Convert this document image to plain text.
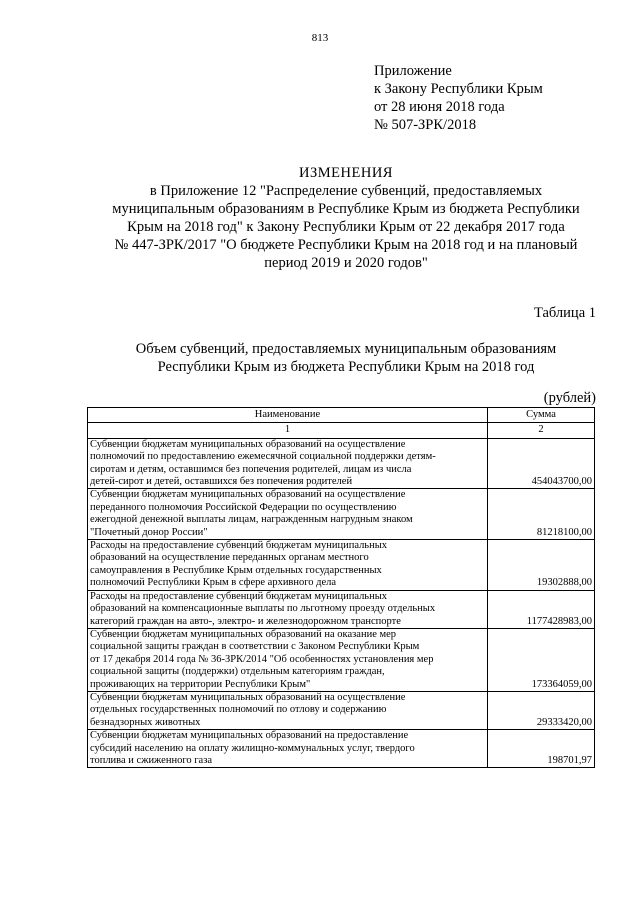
813
Приложение
к Закону Республики Крым
от 28 июня 2018 года
№ 507-ЗРК/2018
ИЗМЕНЕНИЯ
в Приложение 12 "Распределение субвенций, предоставляемых
муниципальным образованиям в Республике Крым из бюджета Республики
Крым на 2018 год" к Закону Республики Крым от 22 декабря 2017 года
№ 447-ЗРК/2017 "О бюджете Республики Крым на 2018 год и на плановый
период 2019 и 2020 годов"
Таблица 1
Объем субвенций, предоставляемых муниципальным образованиям
Республики Крым из бюджета Республики Крым на 2018 год
(рублей)
Наименование	Сумма
1	2

Субвенции бюджетам муниципальных образований на осуществление
полномочий по предоставлению ежемесячной социальной поддержки детям-
сиротам и детям, оставшимся без попечения родителей, лицам из числа
детей-сирот и детей, оставшихся без попечения родителей	454043700,00

Субвенции бюджетам муниципальных образований на осуществление
переданного полномочия Российской Федерации по осуществлению
ежегодной денежной выплаты лицам, награжденным нагрудным знаком
"Почетный донор России"	81218100,00

Расходы на предоставление субвенций бюджетам муниципальных
образований на осуществление переданных органам местного
самоуправления в Республике Крым отдельных государственных
полномочий Республики Крым в сфере архивного дела	19302888,00

Расходы на предоставление субвенций бюджетам муниципальных
образований на компенсационные выплаты по льготному проезду отдельных
категорий граждан на авто-, электро- и железнодорожном транспорте	1177428983,00

Субвенции бюджетам муниципальных образований на оказание мер
социальной защиты граждан в соответствии с Законом Республики Крым
от 17 декабря 2014 года № 36-ЗРК/2014 "Об особенностях установления мер
социальной защиты (поддержки) отдельным категориям граждан,
проживающих на территории Республики Крым"	173364059,00

Субвенции бюджетам муниципальных образований на осуществление
отдельных государственных полномочий по отлову и содержанию
безнадзорных животных	29333420,00

Субвенции бюджетам муниципальных образований на предоставление
субсидий населению на оплату жилищно-коммунальных услуг, твердого
топлива и сжиженного газа	198701,97
